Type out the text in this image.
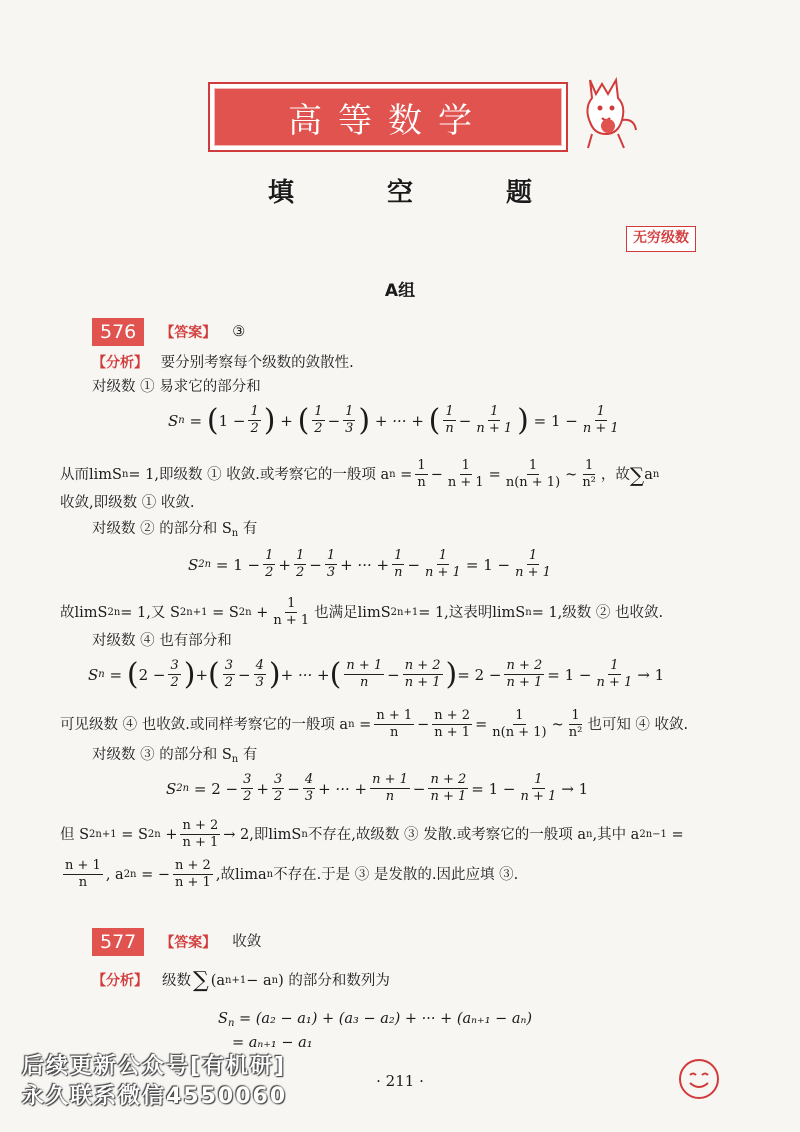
高等数学
填 空 题
无穷级数
A组
576	【答案】 ③
【分析】 要分别考察每个级数的敛散性.
对级数 ① 易求它的部分和
S n = ( $1 - \frac{1}{2}$ ) + ( $\frac{1}{2} - \frac{1}{3}$ ) + ··· + ( $\frac{1}{n} - \frac{1}{n + 1}$ ) = $1 - \frac{1}{n + 1}$
从而limS n = 1,即级数 ① 收敛.或考察它的一般项 a $n = \frac{1}{n} - \frac{1}{n + 1} = \frac{1}{n(n + 1)}$ ~ $\frac{1}{\text{n²}}$ ，故 ∑ a n
收敛,即级数 ① 收敛.
对级数 ② 的部分和 $S_n$ 有
S $2n = 1 - \frac{1}{2} + \frac{1}{2} - \frac{1}{3}$ + ··· + $\frac{1}{n} - \frac{1}{n + 1} = 1 - \frac{1}{n + 1}$
故limS 2n = 1,又 S 2n+1 = S $2n + \frac{1}{n + 1}$ 也满足limS 2n+1 = 1,这表明limS n = 1,级数 ② 也收敛.
对级数 ④ 也有部分和
S n = ( $2 - \frac{3}{2}$ ) + ( $\frac{3}{2} - \frac{4}{3}$ ) + ··· + ( $\frac{n + 1}{n} - \frac{n + 2}{n + 1}$ ) = $2 - \frac{n + 2}{n + 1} = 1 - \frac{1}{n + 1} \to 1$
可见级数 ④ 也收敛.或同样考察它的一般项 a $n = \frac{n + 1}{n} - \frac{n + 2}{n + 1} = \frac{1}{n(n + 1)}$ ~ $\frac{1}{\text{n²}}$ 也可知 ④ 收敛.
对级数 ③ 的部分和 $S_n$ 有
S $2n = 2 - \frac{3}{2} + \frac{3}{2} - \frac{4}{3}$ + ··· + $\frac{n + 1}{n} - \frac{n + 2}{n + 1} = 1 - \frac{1}{n + 1} \to 1$
但 S 2n+1 = S $2n + \frac{n + 2}{n + 1} \to 2$,即limS n 不存在,故级数 ③ 发散.或考察它的一般项 a n ,其中 a 2n−1 =
$\frac{n + 1}{n}$ , a 2n = − $\frac{n + 2}{n + 1}$ ,故lima n 不存在.于是 ③ 是发散的.因此应填 ③.
577	【答案】 收敛
【分析】 级数 ∑ (a n+1 − a n ) 的部分和数列为
$S_n = (a_2 - a_1) + (a_3 - a_2)$ + ··· + (aₙ₊₁ − aₙ)
= aₙ₊₁ − a₁
· 211 ·
后续更新公众号[有机研]
永久联系微信4550060
